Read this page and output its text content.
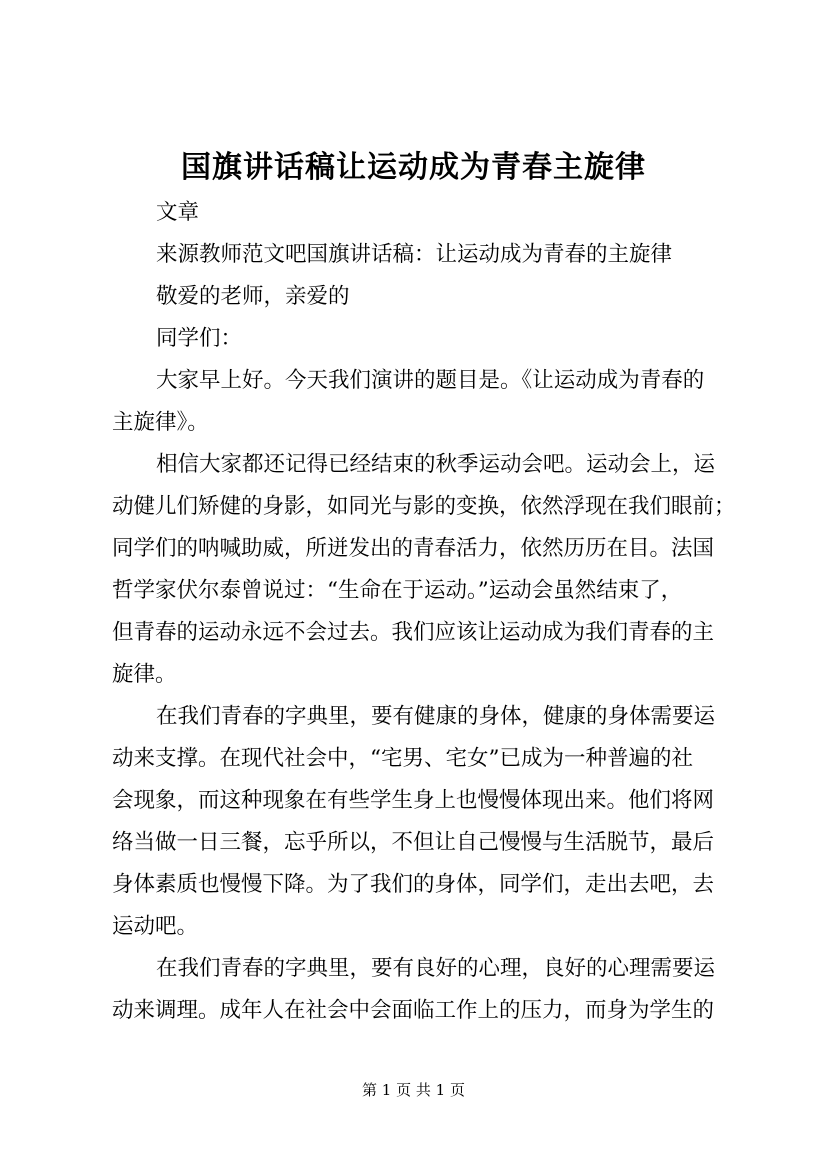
国旗讲话稿让运动成为青春主旋律
文章
来源教师范文吧国旗讲话稿：让运动成为青春的主旋律
敬爱的老师，亲爱的
同学们：
大家早上好。今天我们演讲的题目是。《让运动成为青春的
主旋律》。
相信大家都还记得已经结束的秋季运动会吧。运动会上，运
动健儿们矫健的身影，如同光与影的变换，依然浮现在我们眼前；
同学们的呐喊助威，所迸发出的青春活力，依然历历在目。法国
哲学家伏尔泰曾说过：“生命在于运动。”运动会虽然结束了，
但青春的运动永远不会过去。我们应该让运动成为我们青春的主
旋律。
在我们青春的字典里，要有健康的身体，健康的身体需要运
动来支撑。在现代社会中，“宅男、宅女”已成为一种普遍的社
会现象，而这种现象在有些学生身上也慢慢体现出来。他们将网
络当做一日三餐，忘乎所以，不但让自己慢慢与生活脱节，最后
身体素质也慢慢下降。为了我们的身体，同学们，走出去吧，去
运动吧。
在我们青春的字典里，要有良好的心理，良好的心理需要运
动来调理。成年人在社会中会面临工作上的压力，而身为学生的
第 1 页 共 1 页
